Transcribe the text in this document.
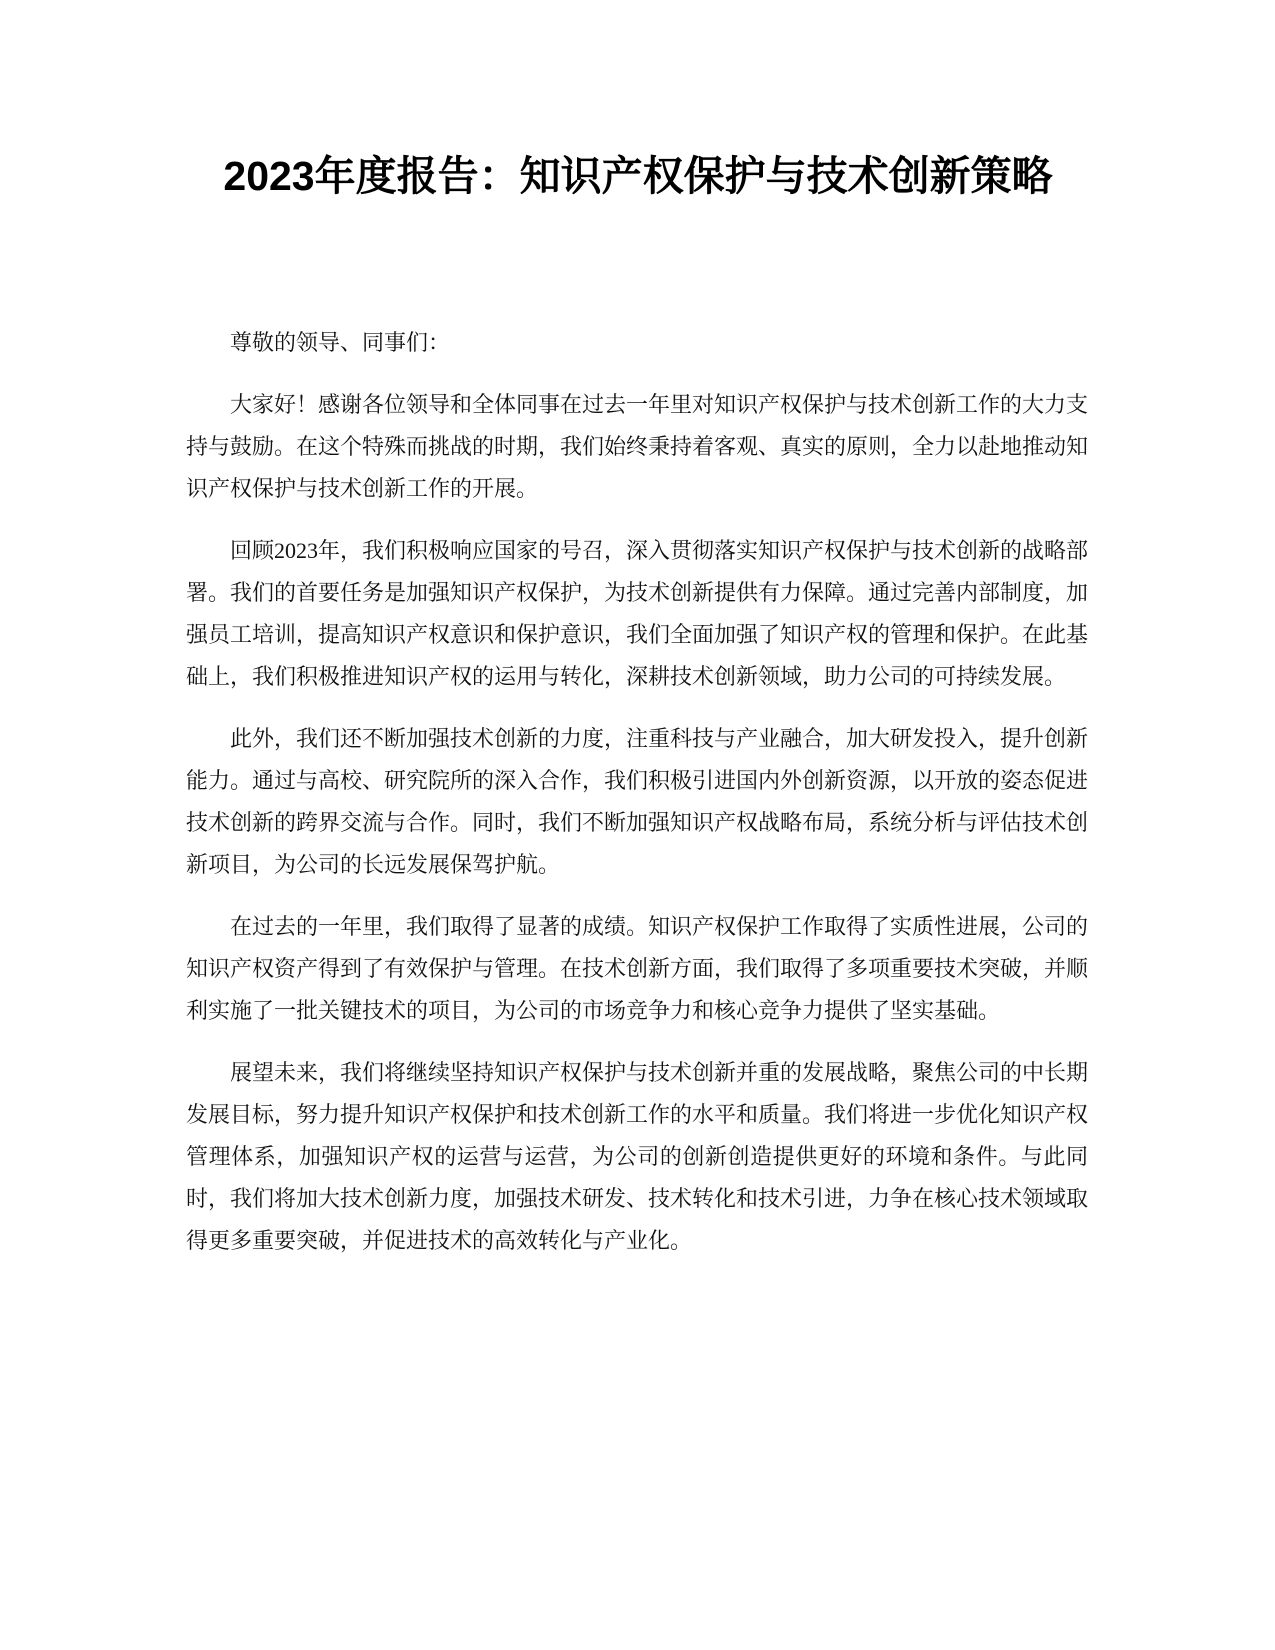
2023年度报告：知识产权保护与技术创新策略

尊敬的领导、同事们：

大家好！感谢各位领导和全体同事在过去一年里对知识产权保护与技术创新工作的大力支持与鼓励。在这个特殊而挑战的时期，我们始终秉持着客观、真实的原则，全力以赴地推动知识产权保护与技术创新工作的开展。

回顾2023年，我们积极响应国家的号召，深入贯彻落实知识产权保护与技术创新的战略部署。我们的首要任务是加强知识产权保护，为技术创新提供有力保障。通过完善内部制度，加强员工培训，提高知识产权意识和保护意识，我们全面加强了知识产权的管理和保护。在此基础上，我们积极推进知识产权的运用与转化，深耕技术创新领域，助力公司的可持续发展。

此外，我们还不断加强技术创新的力度，注重科技与产业融合，加大研发投入，提升创新能力。通过与高校、研究院所的深入合作，我们积极引进国内外创新资源，以开放的姿态促进技术创新的跨界交流与合作。同时，我们不断加强知识产权战略布局，系统分析与评估技术创新项目，为公司的长远发展保驾护航。

在过去的一年里，我们取得了显著的成绩。知识产权保护工作取得了实质性进展，公司的知识产权资产得到了有效保护与管理。在技术创新方面，我们取得了多项重要技术突破，并顺利实施了一批关键技术的项目，为公司的市场竞争力和核心竞争力提供了坚实基础。

展望未来，我们将继续坚持知识产权保护与技术创新并重的发展战略，聚焦公司的中长期发展目标，努力提升知识产权保护和技术创新工作的水平和质量。我们将进一步优化知识产权管理体系，加强知识产权的运营与运营，为公司的创新创造提供更好的环境和条件。与此同时，我们将加大技术创新力度，加强技术研发、技术转化和技术引进，力争在核心技术领域取得更多重要突破，并促进技术的高效转化与产业化。
